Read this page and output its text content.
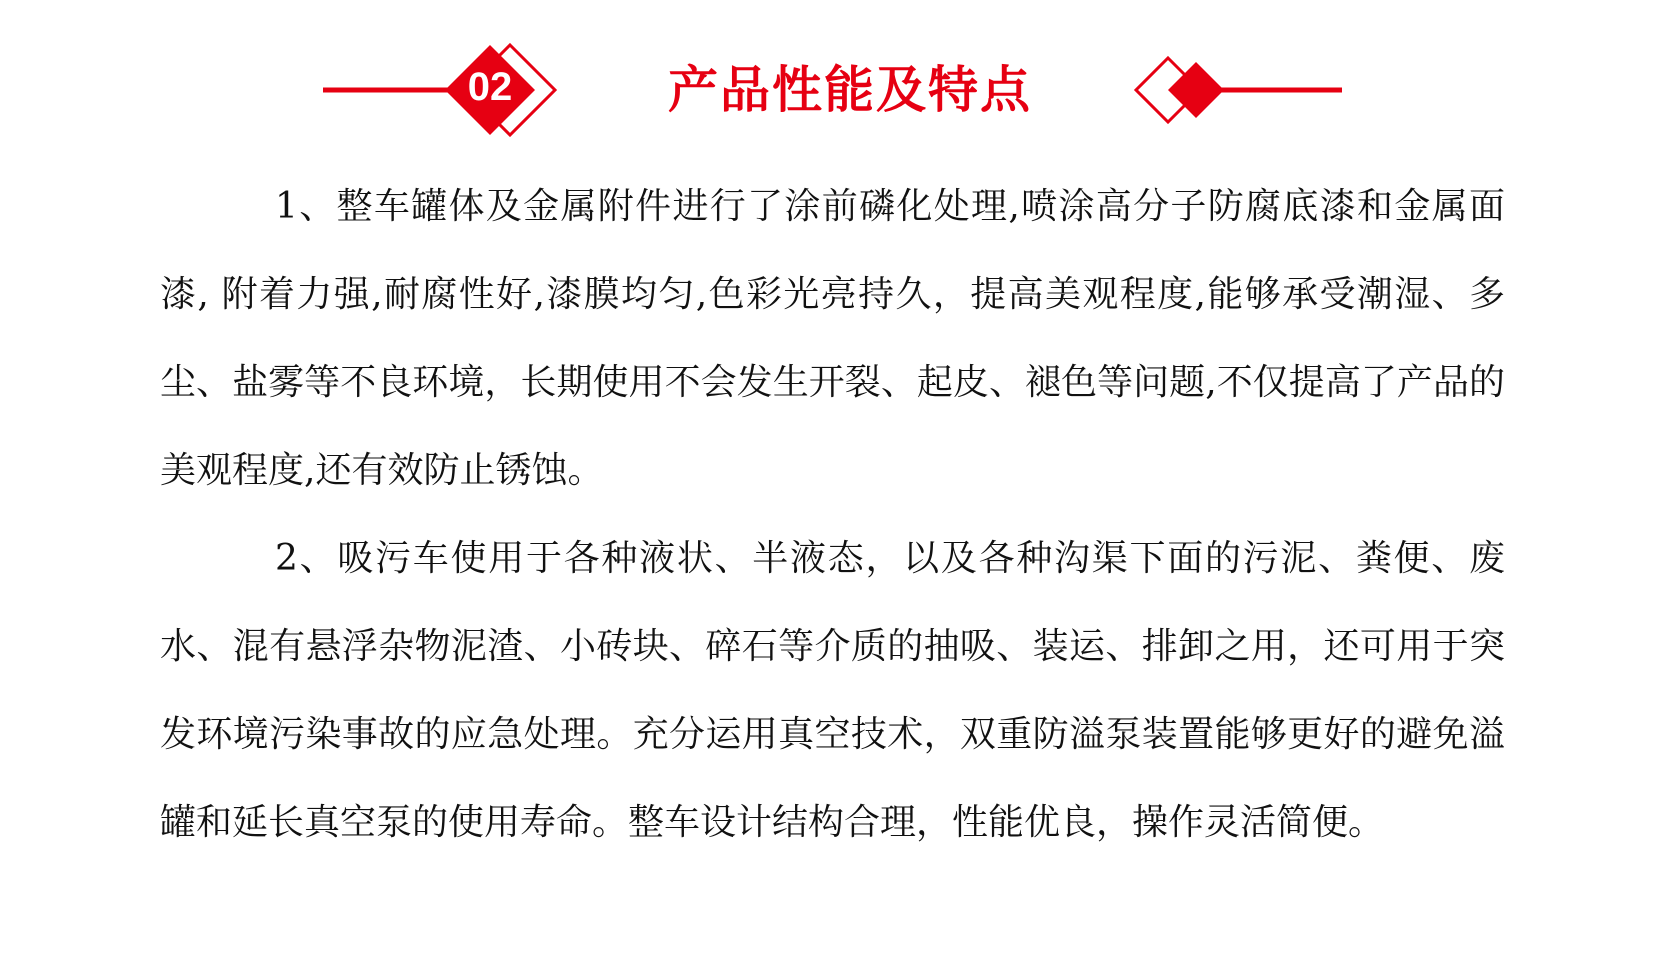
02	产品性能及特点

1、整车罐体及金属附件进行了涂前磷化处理,喷涂高分子防腐底漆和金属面漆, 附着力强,耐腐性好,漆膜均匀,色彩光亮持久，提高美观程度,能够承受潮湿、多尘、盐雾等不良环境，长期使用不会发生开裂、起皮、褪色等问题,不仅提高了产品的美观程度,还有效防止锈蚀。

2、吸污车使用于各种液状、半液态，以及各种沟渠下面的污泥、粪便、废水、混有悬浮杂物泥渣、小砖块、碎石等介质的抽吸、装运、排卸之用，还可用于突发环境污染事故的应急处理。充分运用真空技术，双重防溢泵装置能够更好的避免溢罐和延长真空泵的使用寿命。整车设计结构合理，性能优良，操作灵活简便。
